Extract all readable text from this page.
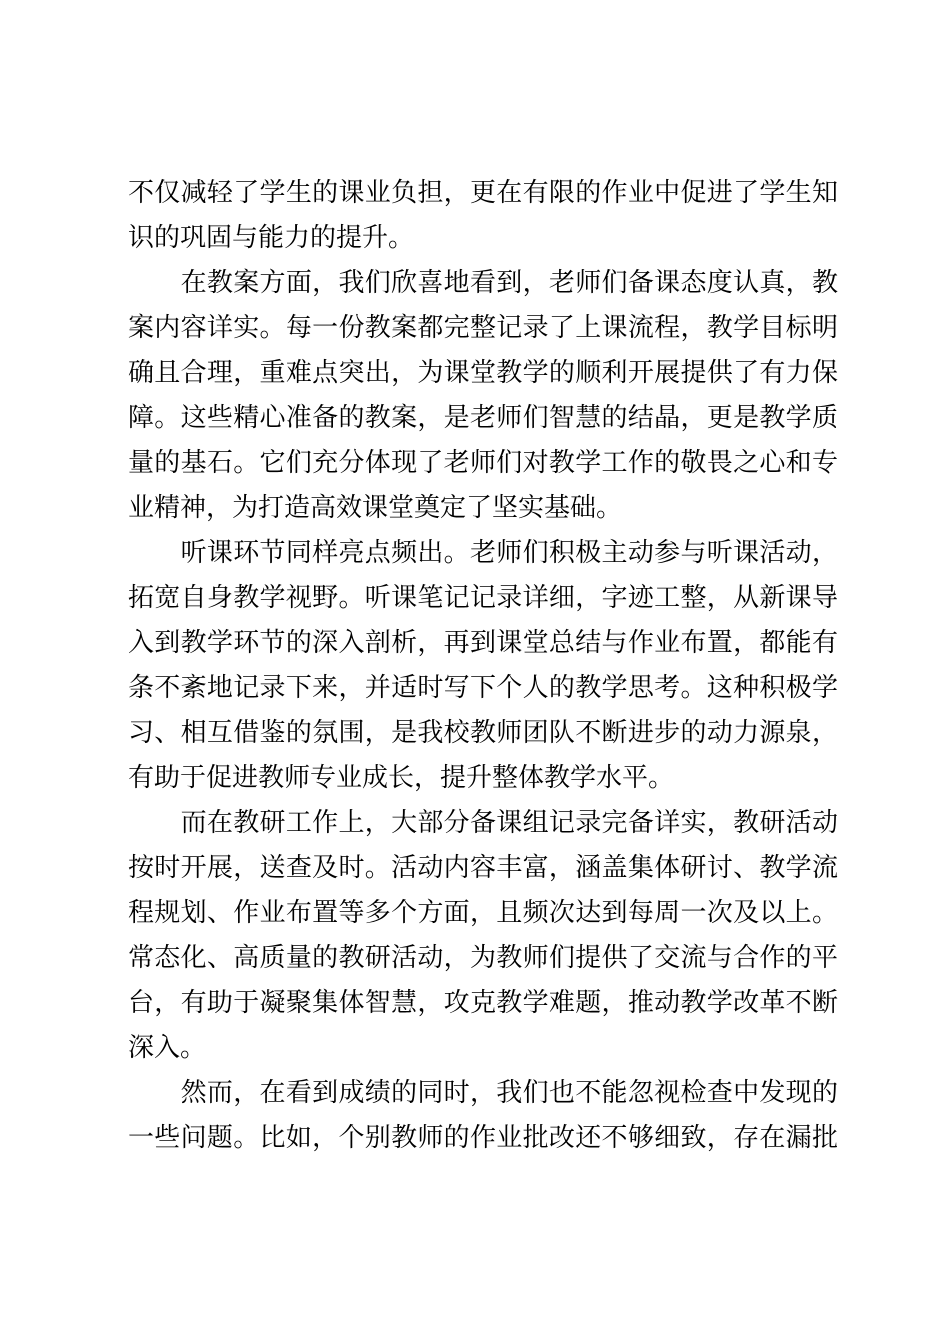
不仅减轻了学生的课业负担，更在有限的作业中促进了学生知
识的巩固与能力的提升。
　　在教案方面，我们欣喜地看到，老师们备课态度认真，教
案内容详实。每一份教案都完整记录了上课流程，教学目标明
确且合理，重难点突出，为课堂教学的顺利开展提供了有力保
障。这些精心准备的教案，是老师们智慧的结晶，更是教学质
量的基石。它们充分体现了老师们对教学工作的敬畏之心和专
业精神，为打造高效课堂奠定了坚实基础。
　　听课环节同样亮点频出。老师们积极主动参与听课活动，
拓宽自身教学视野。听课笔记记录详细，字迹工整，从新课导
入到教学环节的深入剖析，再到课堂总结与作业布置，都能有
条不紊地记录下来，并适时写下个人的教学思考。这种积极学
习、相互借鉴的氛围，是我校教师团队不断进步的动力源泉，
有助于促进教师专业成长，提升整体教学水平。
　　而在教研工作上，大部分备课组记录完备详实，教研活动
按时开展，送查及时。活动内容丰富，涵盖集体研讨、教学流
程规划、作业布置等多个方面，且频次达到每周一次及以上。
常态化、高质量的教研活动，为教师们提供了交流与合作的平
台，有助于凝聚集体智慧，攻克教学难题，推动教学改革不断
深入。
　　然而，在看到成绩的同时，我们也不能忽视检查中发现的
一些问题。比如，个别教师的作业批改还不够细致，存在漏批
